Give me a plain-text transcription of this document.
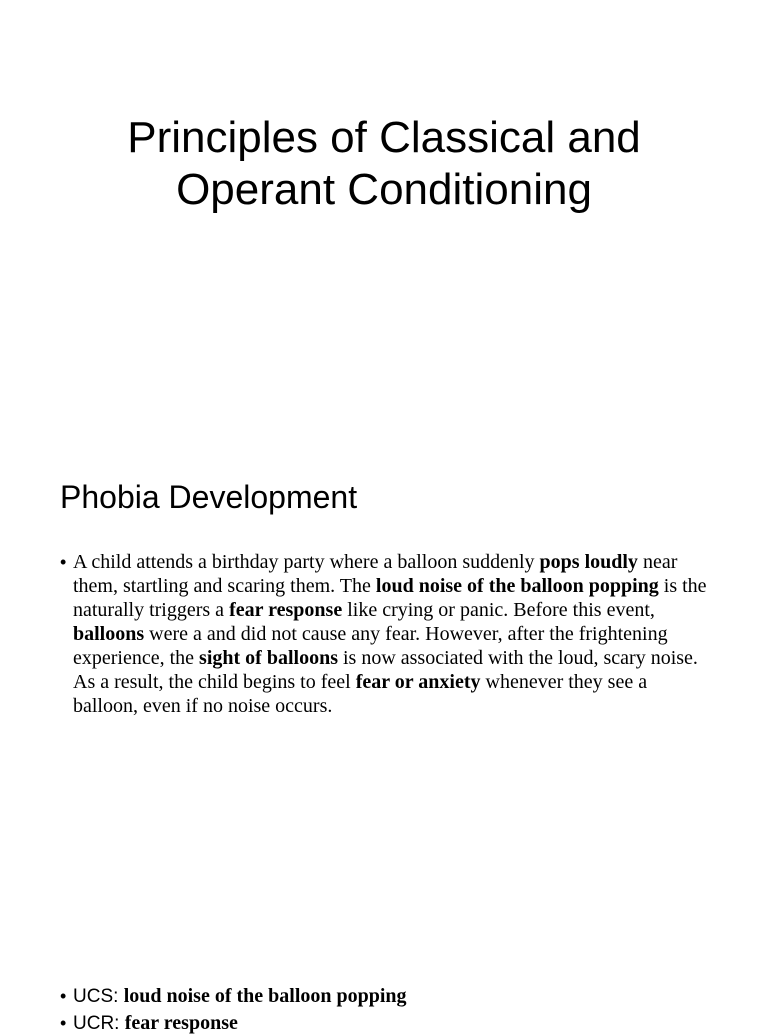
Principles of Classical and
Operant Conditioning
Phobia Development
• A child attends a birthday party where a balloon suddenly pops loudly near them, startling and scaring them. The loud noise of the balloon popping is the naturally triggers a fear response like crying or panic. Before this event, balloons were a and did not cause any fear. However, after the frightening experience, the sight of balloons is now associated with the loud, scary noise. As a result, the child begins to feel fear or anxiety whenever they see a balloon, even if no noise occurs.

• UCS: loud noise of the balloon popping

• UCR: fear response
